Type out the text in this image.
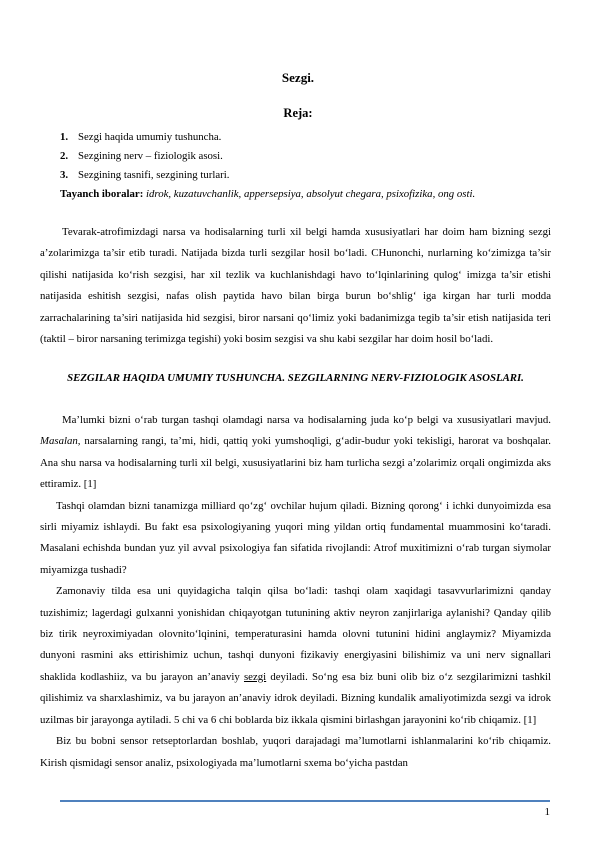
Sezgi.
Reja:
1. Sezgi haqida umumiy tushuncha.
2. Sezgining nerv – fiziologik asosi.
3. Sezgining tasnifi, sezgining turlari.
Tayanch iboralar: idrok, kuzatuvchanlik, appersepsiya, absolyut chegara, psixofizika, ong osti.

Tevarak-atrofimizdagi narsa va hodisalarning turli xil belgi hamda xususiyatlari har doim ham bizning sezgi a’zolarimizga ta’sir etib turadi. Natijada bizda turli sezgilar hosil bo‘ladi. CHunonchi, nurlarning ko‘zimizga ta’sir qilishi natijasida ko‘rish sezgisi, har xil tezlik va kuchlanishdagi havo to‘lqinlarining qulog‘ imizga ta’sir etishi natijasida eshitish sezgisi, nafas olish paytida havo bilan birga burun bo‘shlig‘ iga kirgan har turli modda zarrachalarining ta’siri natijasida hid sezgisi, biror narsani qo‘limiz yoki badanimizga tegib ta’sir etish natijasida teri (taktil – biror narsaning terimizga tegishi) yoki bosim sezgisi va shu kabi sezgilar har doim hosil bo‘ladi.

SEZGILAR HAQIDA UMUMIY TUSHUNCHA. SEZGILARNING NERV-FIZIOLOGIK ASOSLARI.

Ma’lumki bizni o‘rab turgan tashqi olamdagi narsa va hodisalarning juda ko‘p belgi va xususiyatlari mavjud. Masalan, narsalarning rangi, ta’mi, hidi, qattiq yoki yumshoqligi, g‘adir-budur yoki tekisligi, harorat va boshqalar. Ana shu narsa va hodisalarning turli xil belgi, xususiyatlarini biz ham turlicha sezgi a’zolarimiz orqali ongimizda aks ettiramiz. [1]

Tashqi olamdan bizni tanamizga milliard qo‘zg‘ ovchilar hujum qiladi. Bizning qorong‘ i ichki dunyoimizda esa sirli miyamiz ishlaydi. Bu fakt esa psixologiyaning yuqori ming yildan ortiq fundamental muammosini ko‘taradi. Masalani echishda bundan yuz yil avval psixologiya fan sifatida rivojlandi: Atrof muxitimizni o‘rab turgan siymolar miyamizga tushadi?

Zamonaviy tilda esa uni quyidagicha talqin qilsa bo‘ladi: tashqi olam xaqidagi tasavvurlarimizni qanday tuzishimiz; lagerdagi gulxanni yonishidan chiqayotgan tutunining aktiv neyron zanjirlariga aylanishi? Qanday qilib biz tirik neyroximiyadan olovnito‘lqinini, temperaturasini hamda olovni tutunini hidini anglaymiz? Miyamizda dunyoni rasmini aks ettirishimiz uchun, tashqi dunyoni fizikaviy energiyasini bilishimiz va uni nerv signallari shaklida kodlashiiz, va bu jarayon an’anaviy sezgi deyiladi. So‘ng esa biz buni olib biz o‘z sezgilarimizni tashkil qilishimiz va sharxlashimiz, va bu jarayon an’anaviy idrok deyiladi. Bizning kundalik amaliyotimizda sezgi va idrok uzilmas bir jarayonga aytiladi. 5 chi va 6 chi boblarda biz ikkala qismini birlashgan jarayonini ko‘rib chiqamiz. [1]

Biz bu bobni sensor retseptorlardan boshlab, yuqori darajadagi ma’lumotlarni ishlanmalarini ko‘rib chiqamiz. Kirish qismidagi sensor analiz, psixologiyada ma’lumotlarni sxema bo‘yicha pastdan

1
